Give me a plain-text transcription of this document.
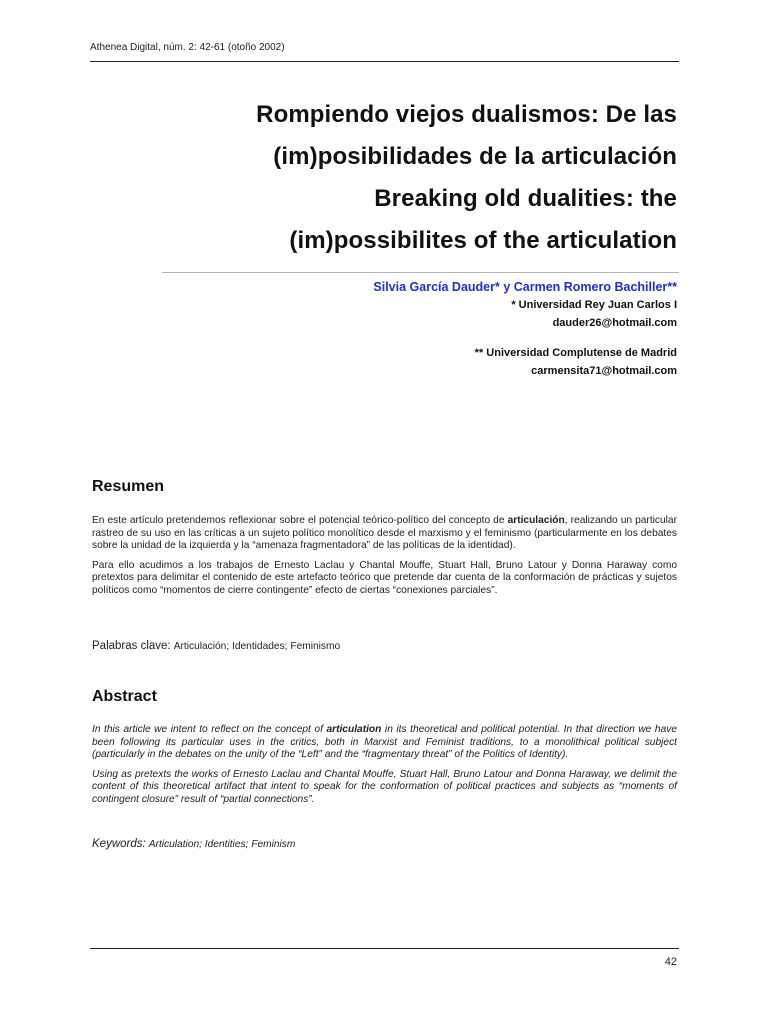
Athenea Digital, núm. 2: 42-61 (otoño 2002)
Rompiendo viejos dualismos: De las
(im)posibilidades de la articulación
Breaking old dualities: the
(im)possibilites of the articulation
Silvia García Dauder* y Carmen Romero Bachiller**
* Universidad Rey Juan Carlos I
dauder26@hotmail.com
** Universidad Complutense de Madrid
carmensita71@hotmail.com
Resumen

En este artículo pretendemos reflexionar sobre el potencial teórico-político del concepto de articulación, realizando un particular rastreo de su uso en las críticas a un sujeto político monolítico desde el marxismo y el feminismo (particularmente en los debates sobre la unidad de la izquierda y la “amenaza fragmentadora” de las políticas de la identidad).

Para ello acudimos a los trabajos de Ernesto Laclau y Chantal Mouffe, Stuart Hall, Bruno Latour y Donna Haraway como pretextos para delimitar el contenido de este artefacto teórico que pretende dar cuenta de la conformación de prácticas y sujetos políticos como “momentos de cierre contingente” efecto de ciertas “conexiones parciales”.

Palabras clave: Articulación; Identidades; Feminismo
Abstract

In this article we intent to reflect on the concept of articulation in its theoretical and political potential. In that direction we have been following its particular uses in the critics, both in Marxist and Feminist traditions, to a monolithical political subject (particularly in the debates on the unity of the “Left” and the “fragmentary threat” of the Politics of Identity).

Using as pretexts the works of Ernesto Laclau and Chantal Mouffe, Stuart Hall, Bruno Latour and Donna Haraway, we delimit the content of this theoretical artifact that intent to speak for the conformation of political practices and subjects as “moments of contingent closure” result of “partial connections”.

Keywords: Articulation; Identities; Feminism
42
